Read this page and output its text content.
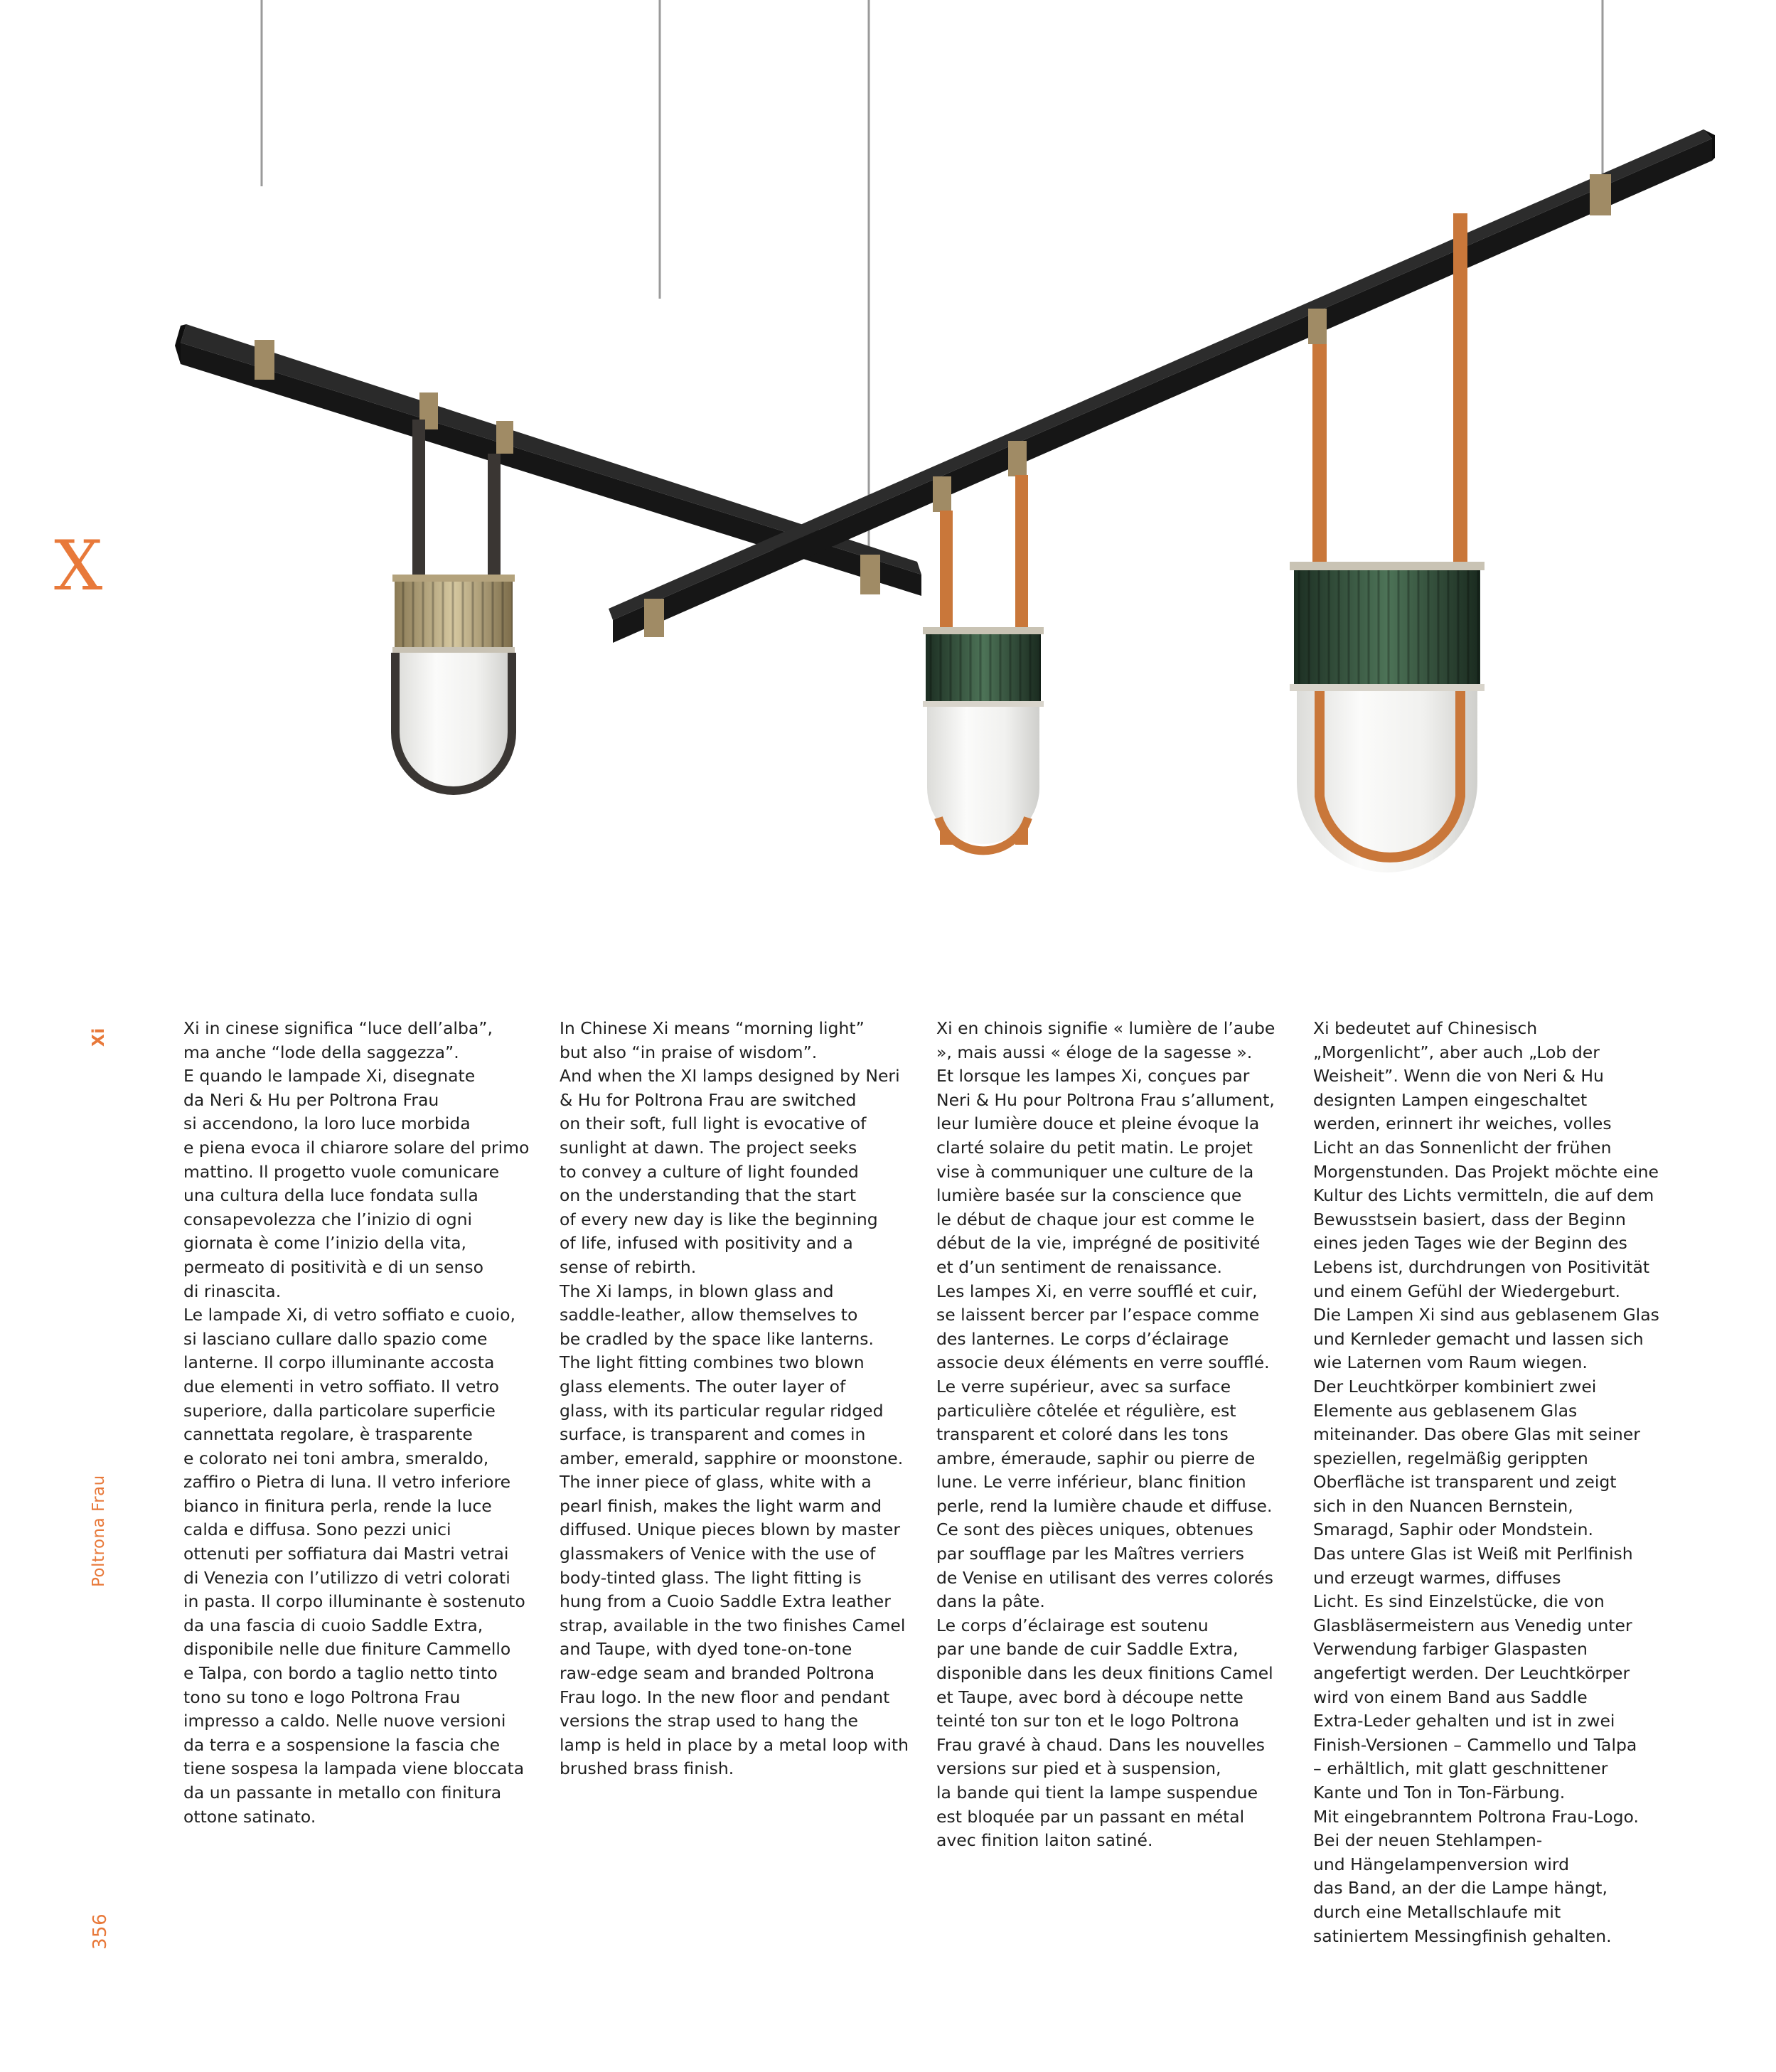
X
Xi
Poltrona Frau
356

Xi in cinese significa “luce dell’alba”,
ma anche “lode della saggezza”.
E quando le lampade Xi, disegnate
da Neri & Hu per Poltrona Frau
si accendono, la loro luce morbida
e piena evoca il chiarore solare del primo
mattino. Il progetto vuole comunicare
una cultura della luce fondata sulla
consapevolezza che l’inizio di ogni
giornata è come l’inizio della vita,
permeato di positività e di un senso
di rinascita.
Le lampade Xi, di vetro soffiato e cuoio,
si lasciano cullare dallo spazio come
lanterne. Il corpo illuminante accosta
due elementi in vetro soffiato. Il vetro
superiore, dalla particolare superficie
cannettata regolare, è trasparente
e colorato nei toni ambra, smeraldo,
zaffiro o Pietra di luna. Il vetro inferiore
bianco in finitura perla, rende la luce
calda e diffusa. Sono pezzi unici
ottenuti per soffiatura dai Mastri vetrai
di Venezia con l’utilizzo di vetri colorati
in pasta. Il corpo illuminante è sostenuto
da una fascia di cuoio Saddle Extra,
disponibile nelle due finiture Cammello
e Talpa, con bordo a taglio netto tinto
tono su tono e logo Poltrona Frau
impresso a caldo. Nelle nuove versioni
da terra e a sospensione la fascia che
tiene sospesa la lampada viene bloccata
da un passante in metallo con finitura
ottone satinato.

In Chinese Xi means “morning light”
but also “in praise of wisdom”.
And when the XI lamps designed by Neri
& Hu for Poltrona Frau are switched
on their soft, full light is evocative of
sunlight at dawn. The project seeks
to convey a culture of light founded
on the understanding that the start
of every new day is like the beginning
of life, infused with positivity and a
sense of rebirth.
The Xi lamps, in blown glass and
saddle-leather, allow themselves to
be cradled by the space like lanterns.
The light fitting combines two blown
glass elements. The outer layer of
glass, with its particular regular ridged
surface, is transparent and comes in
amber, emerald, sapphire or moonstone.
The inner piece of glass, white with a
pearl finish, makes the light warm and
diffused. Unique pieces blown by master
glassmakers of Venice with the use of
body-tinted glass. The light fitting is
hung from a Cuoio Saddle Extra leather
strap, available in the two finishes Camel
and Taupe, with dyed tone-on-tone
raw-edge seam and branded Poltrona
Frau logo. In the new floor and pendant
versions the strap used to hang the
lamp is held in place by a metal loop with
brushed brass finish.

Xi en chinois signifie « lumière de l’aube
», mais aussi « éloge de la sagesse ».
Et lorsque les lampes Xi, conçues par
Neri & Hu pour Poltrona Frau s’allument,
leur lumière douce et pleine évoque la
clarté solaire du petit matin. Le projet
vise à communiquer une culture de la
lumière basée sur la conscience que
le début de chaque jour est comme le
début de la vie, imprégné de positivité
et d’un sentiment de renaissance.
Les lampes Xi, en verre soufflé et cuir,
se laissent bercer par l’espace comme
des lanternes. Le corps d’éclairage
associe deux éléments en verre soufflé.
Le verre supérieur, avec sa surface
particulière côtelée et régulière, est
transparent et coloré dans les tons
ambre, émeraude, saphir ou pierre de
lune. Le verre inférieur, blanc finition
perle, rend la lumière chaude et diffuse.
Ce sont des pièces uniques, obtenues
par soufflage par les Maîtres verriers
de Venise en utilisant des verres colorés
dans la pâte.
Le corps d’éclairage est soutenu
par une bande de cuir Saddle Extra,
disponible dans les deux finitions Camel
et Taupe, avec bord à découpe nette
teinté ton sur ton et le logo Poltrona
Frau gravé à chaud. Dans les nouvelles
versions sur pied et à suspension,
la bande qui tient la lampe suspendue
est bloquée par un passant en métal
avec finition laiton satiné.

Xi bedeutet auf Chinesisch
„Morgenlicht”, aber auch „Lob der
Weisheit”. Wenn die von Neri & Hu
designten Lampen eingeschaltet
werden, erinnert ihr weiches, volles
Licht an das Sonnenlicht der frühen
Morgenstunden. Das Projekt möchte eine
Kultur des Lichts vermitteln, die auf dem
Bewusstsein basiert, dass der Beginn
eines jeden Tages wie der Beginn des
Lebens ist, durchdrungen von Positivität
und einem Gefühl der Wiedergeburt.
Die Lampen Xi sind aus geblasenem Glas
und Kernleder gemacht und lassen sich
wie Laternen vom Raum wiegen.
Der Leuchtkörper kombiniert zwei
Elemente aus geblasenem Glas
miteinander. Das obere Glas mit seiner
speziellen, regelmäßig gerippten
Oberfläche ist transparent und zeigt
sich in den Nuancen Bernstein,
Smaragd, Saphir oder Mondstein.
Das untere Glas ist Weiß mit Perlfinish
und erzeugt warmes, diffuses
Licht. Es sind Einzelstücke, die von
Glasbläsermeistern aus Venedig unter
Verwendung farbiger Glaspasten
angefertigt werden. Der Leuchtkörper
wird von einem Band aus Saddle
Extra-Leder gehalten und ist in zwei
Finish-Versionen – Cammello und Talpa
– erhältlich, mit glatt geschnittener
Kante und Ton in Ton-Färbung.
Mit eingebranntem Poltrona Frau-Logo.
Bei der neuen Stehlampen-
und Hängelampenversion wird
das Band, an der die Lampe hängt,
durch eine Metallschlaufe mit
satiniertem Messingfinish gehalten.
